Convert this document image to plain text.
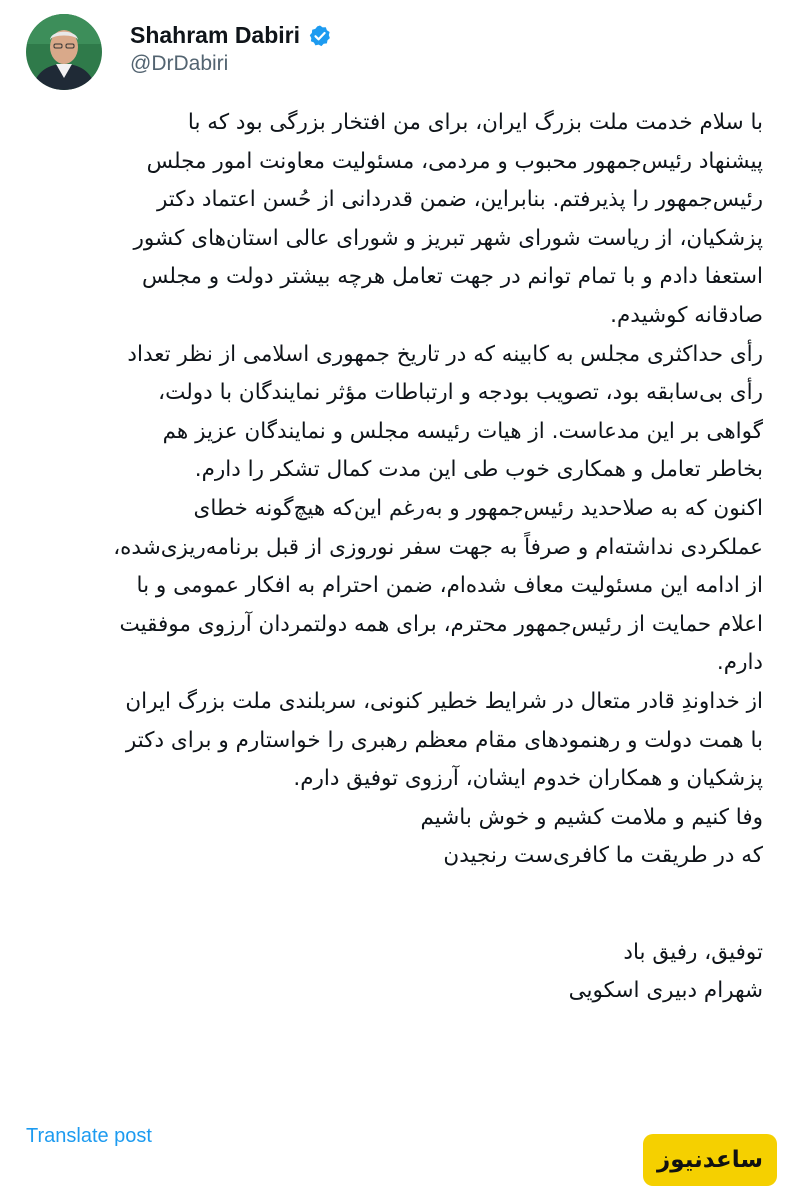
Shahram Dabiri
@DrDabiri

با سلام خدمت ملت بزرگ ایران، برای من افتخار بزرگی بود که با

پیشنهاد رئیس‌جمهور محبوب و مردمی، مسئولیت معاونت امور مجلس

رئیس‌جمهور را پذیرفتم. بنابراین، ضمن قدردانی از حُسن اعتماد دکتر

پزشکیان، از ریاست شورای شهر تبریز و شورای عالی استان‌های کشور

استعفا دادم و با تمام توانم در جهت تعامل هرچه بیشتر دولت و مجلس

صادقانه کوشیدم.

رأی حداکثری مجلس به کابینه که در تاریخ جمهوری اسلامی از نظر تعداد

رأی بی‌سابقه بود، تصویب بودجه و ارتباطات مؤثر نمایندگان با دولت،

گواهی بر این مدعاست. از هیات رئیسه مجلس و نمایندگان عزیز هم

بخاطر تعامل و همکاری خوب طی این مدت کمال تشکر را دارم.

اکنون که به صلاحدید رئیس‌جمهور و به‌رغم این‌که هیچ‌گونه خطای

عملکردی نداشته‌ام و صرفاً به جهت سفر نوروزی از قبل برنامه‌ریزی‌شده،

از ادامه این مسئولیت معاف شده‌ام، ضمن احترام به افکار عمومی و با

اعلام حمایت از رئیس‌جمهور محترم، برای همه دولتمردان آرزوی موفقیت

دارم.

از خداوندِ قادر متعال در شرایط خطیر کنونی، سربلندی ملت بزرگ ایران

با همت دولت و رهنمودهای مقام معظم رهبری را خواستارم و برای دکتر

پزشکیان و همکاران خدوم ایشان، آرزوی توفیق دارم.

وفا کنیم و ملامت کشیم و خوش باشیم

که در طریقت ما کافری‌ست رنجیدن

توفیق، رفیق باد

شهرام دبیری اسکویی

Translate post
ساعدنیوز
